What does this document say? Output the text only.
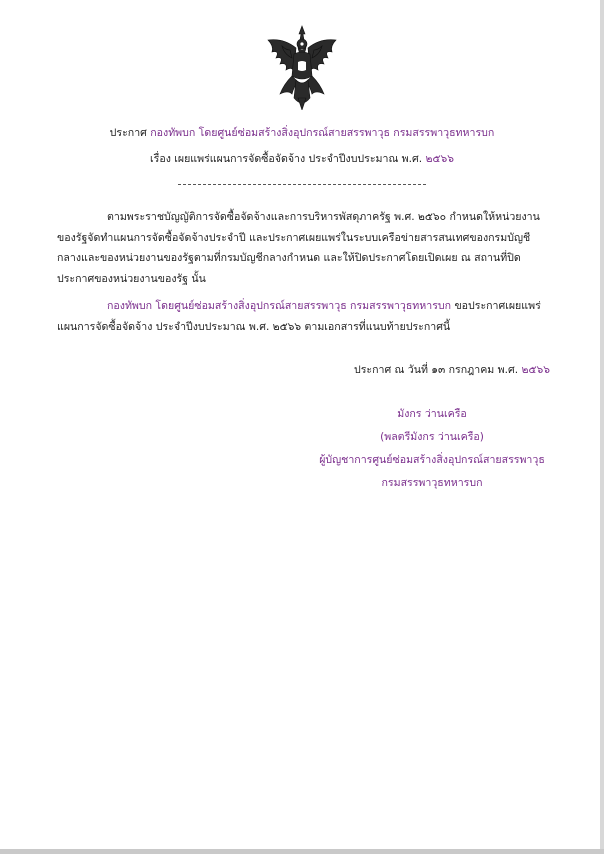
ประกาศ กองทัพบก โดยศูนย์ซ่อมสร้างสิ่งอุปกรณ์สายสรรพาวุธ กรมสรรพาวุธทหารบก
เรื่อง เผยแพร่แผนการจัดซื้อจัดจ้าง ประจำปีงบประมาณ พ.ศ. ๒๕๖๖
ตามพระราชบัญญัติการจัดซื้อจัดจ้างและการบริหารพัสดุภาครัฐ พ.ศ. ๒๕๖๐ กำหนดให้หน่วยงานของรัฐจัดทำแผนการจัดซื้อจัดจ้างประจำปี และประกาศเผยแพร่ในระบบเครือข่ายสารสนเทศของกรมบัญชีกลางและของหน่วยงานของรัฐตามที่กรมบัญชีกลางกำหนด และให้ปิดประกาศโดยเปิดเผย ณ สถานที่ปิดประกาศของหน่วยงานของรัฐ นั้น
กองทัพบก โดยศูนย์ซ่อมสร้างสิ่งอุปกรณ์สายสรรพาวุธ กรมสรรพาวุธทหารบก ขอประกาศเผยแพร่แผนการจัดซื้อจัดจ้าง ประจำปีงบประมาณ พ.ศ. ๒๕๖๖ ตามเอกสารที่แนบท้ายประกาศนี้
ประกาศ ณ วันที่ ๑๓ กรกฎาคม พ.ศ. ๒๕๖๖
มังกร ว่านเครือ
(พลตรีมังกร ว่านเครือ)
ผู้บัญชาการศูนย์ซ่อมสร้างสิ่งอุปกรณ์สายสรรพาวุธ
กรมสรรพาวุธทหารบก
